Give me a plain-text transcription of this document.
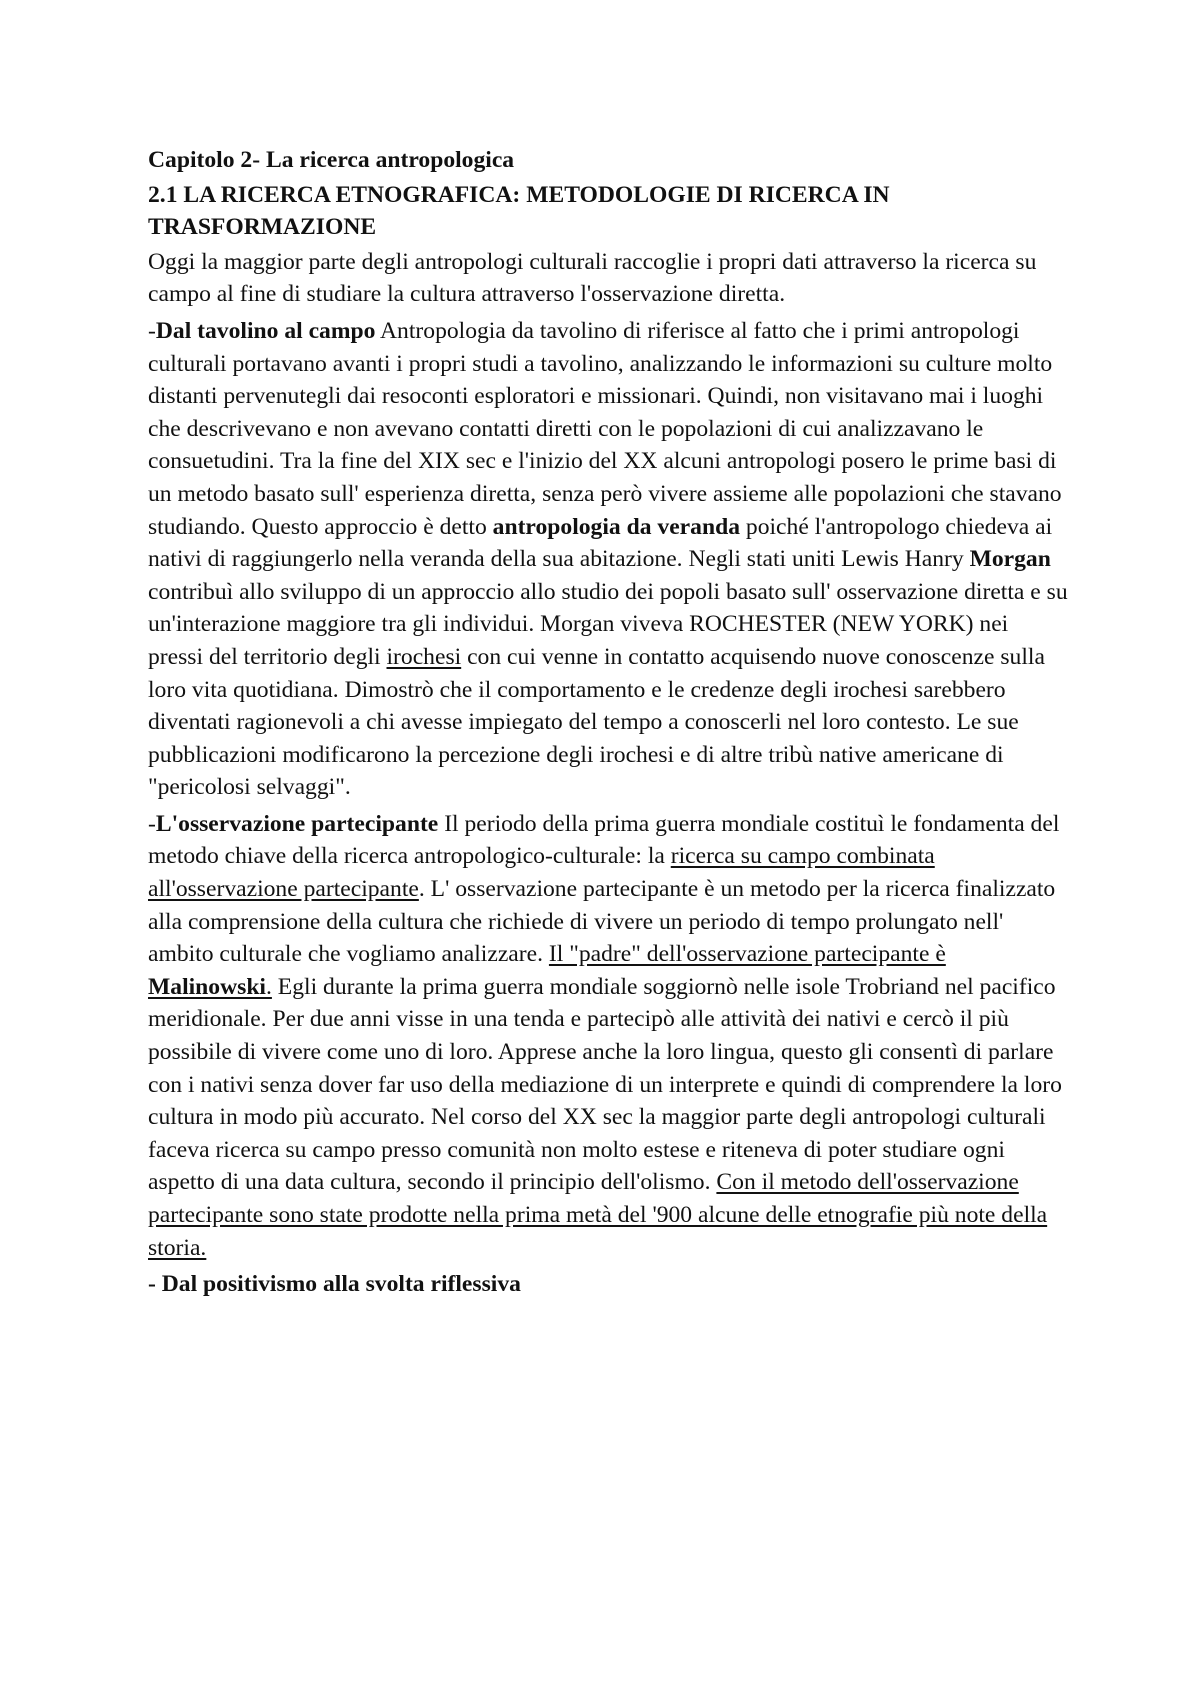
Capitolo 2- La ricerca antropologica
2.1 LA RICERCA ETNOGRAFICA: METODOLOGIE DI RICERCA IN TRASFORMAZIONE

Oggi la maggior parte degli antropologi culturali raccoglie i propri dati attraverso la ricerca su campo al fine di studiare la cultura attraverso l'osservazione diretta.

-Dal tavolino al campo Antropologia da tavolino di riferisce al fatto che i primi antropologi culturali portavano avanti i propri studi a tavolino, analizzando le informazioni su culture molto distanti pervenutegli dai resoconti esploratori e missionari. Quindi, non visitavano mai i luoghi che descrivevano e non avevano contatti diretti con le popolazioni di cui analizzavano le consuetudini. Tra la fine del XIX sec e l'inizio del XX alcuni antropologi posero le prime basi di un metodo basato sull' esperienza diretta, senza però vivere assieme alle popolazioni che stavano studiando. Questo approccio è detto antropologia da veranda poiché l'antropologo chiedeva ai nativi di raggiungerlo nella veranda della sua abitazione. Negli stati uniti Lewis Hanry Morgan contribuì allo sviluppo di un approccio allo studio dei popoli basato sull' osservazione diretta e su un'interazione maggiore tra gli individui. Morgan viveva ROCHESTER (NEW YORK) nei pressi del territorio degli irochesi con cui venne in contatto acquisendo nuove conoscenze sulla loro vita quotidiana. Dimostrò che il comportamento e le credenze degli irochesi sarebbero diventati ragionevoli a chi avesse impiegato del tempo a conoscerli nel loro contesto. Le sue pubblicazioni modificarono la percezione degli irochesi e di altre tribù native americane di "pericolosi selvaggi".

-L'osservazione partecipante Il periodo della prima guerra mondiale costituì le fondamenta del metodo chiave della ricerca antropologico-culturale: la ricerca su campo combinata all'osservazione partecipante. L' osservazione partecipante è un metodo per la ricerca finalizzato alla comprensione della cultura che richiede di vivere un periodo di tempo prolungato nell' ambito culturale che vogliamo analizzare. Il "padre" dell'osservazione partecipante è Malinowski. Egli durante la prima guerra mondiale soggiornò nelle isole Trobriand nel pacifico meridionale. Per due anni visse in una tenda e partecipò alle attività dei nativi e cercò il più possibile di vivere come uno di loro. Apprese anche la loro lingua, questo gli consentì di parlare con i nativi senza dover far uso della mediazione di un interprete e quindi di comprendere la loro cultura in modo più accurato. Nel corso del XX sec la maggior parte degli antropologi culturali faceva ricerca su campo presso comunità non molto estese e riteneva di poter studiare ogni aspetto di una data cultura, secondo il principio dell'olismo. Con il metodo dell'osservazione partecipante sono state prodotte nella prima metà del '900 alcune delle etnografie più note della storia.

- Dal positivismo alla svolta riflessiva
